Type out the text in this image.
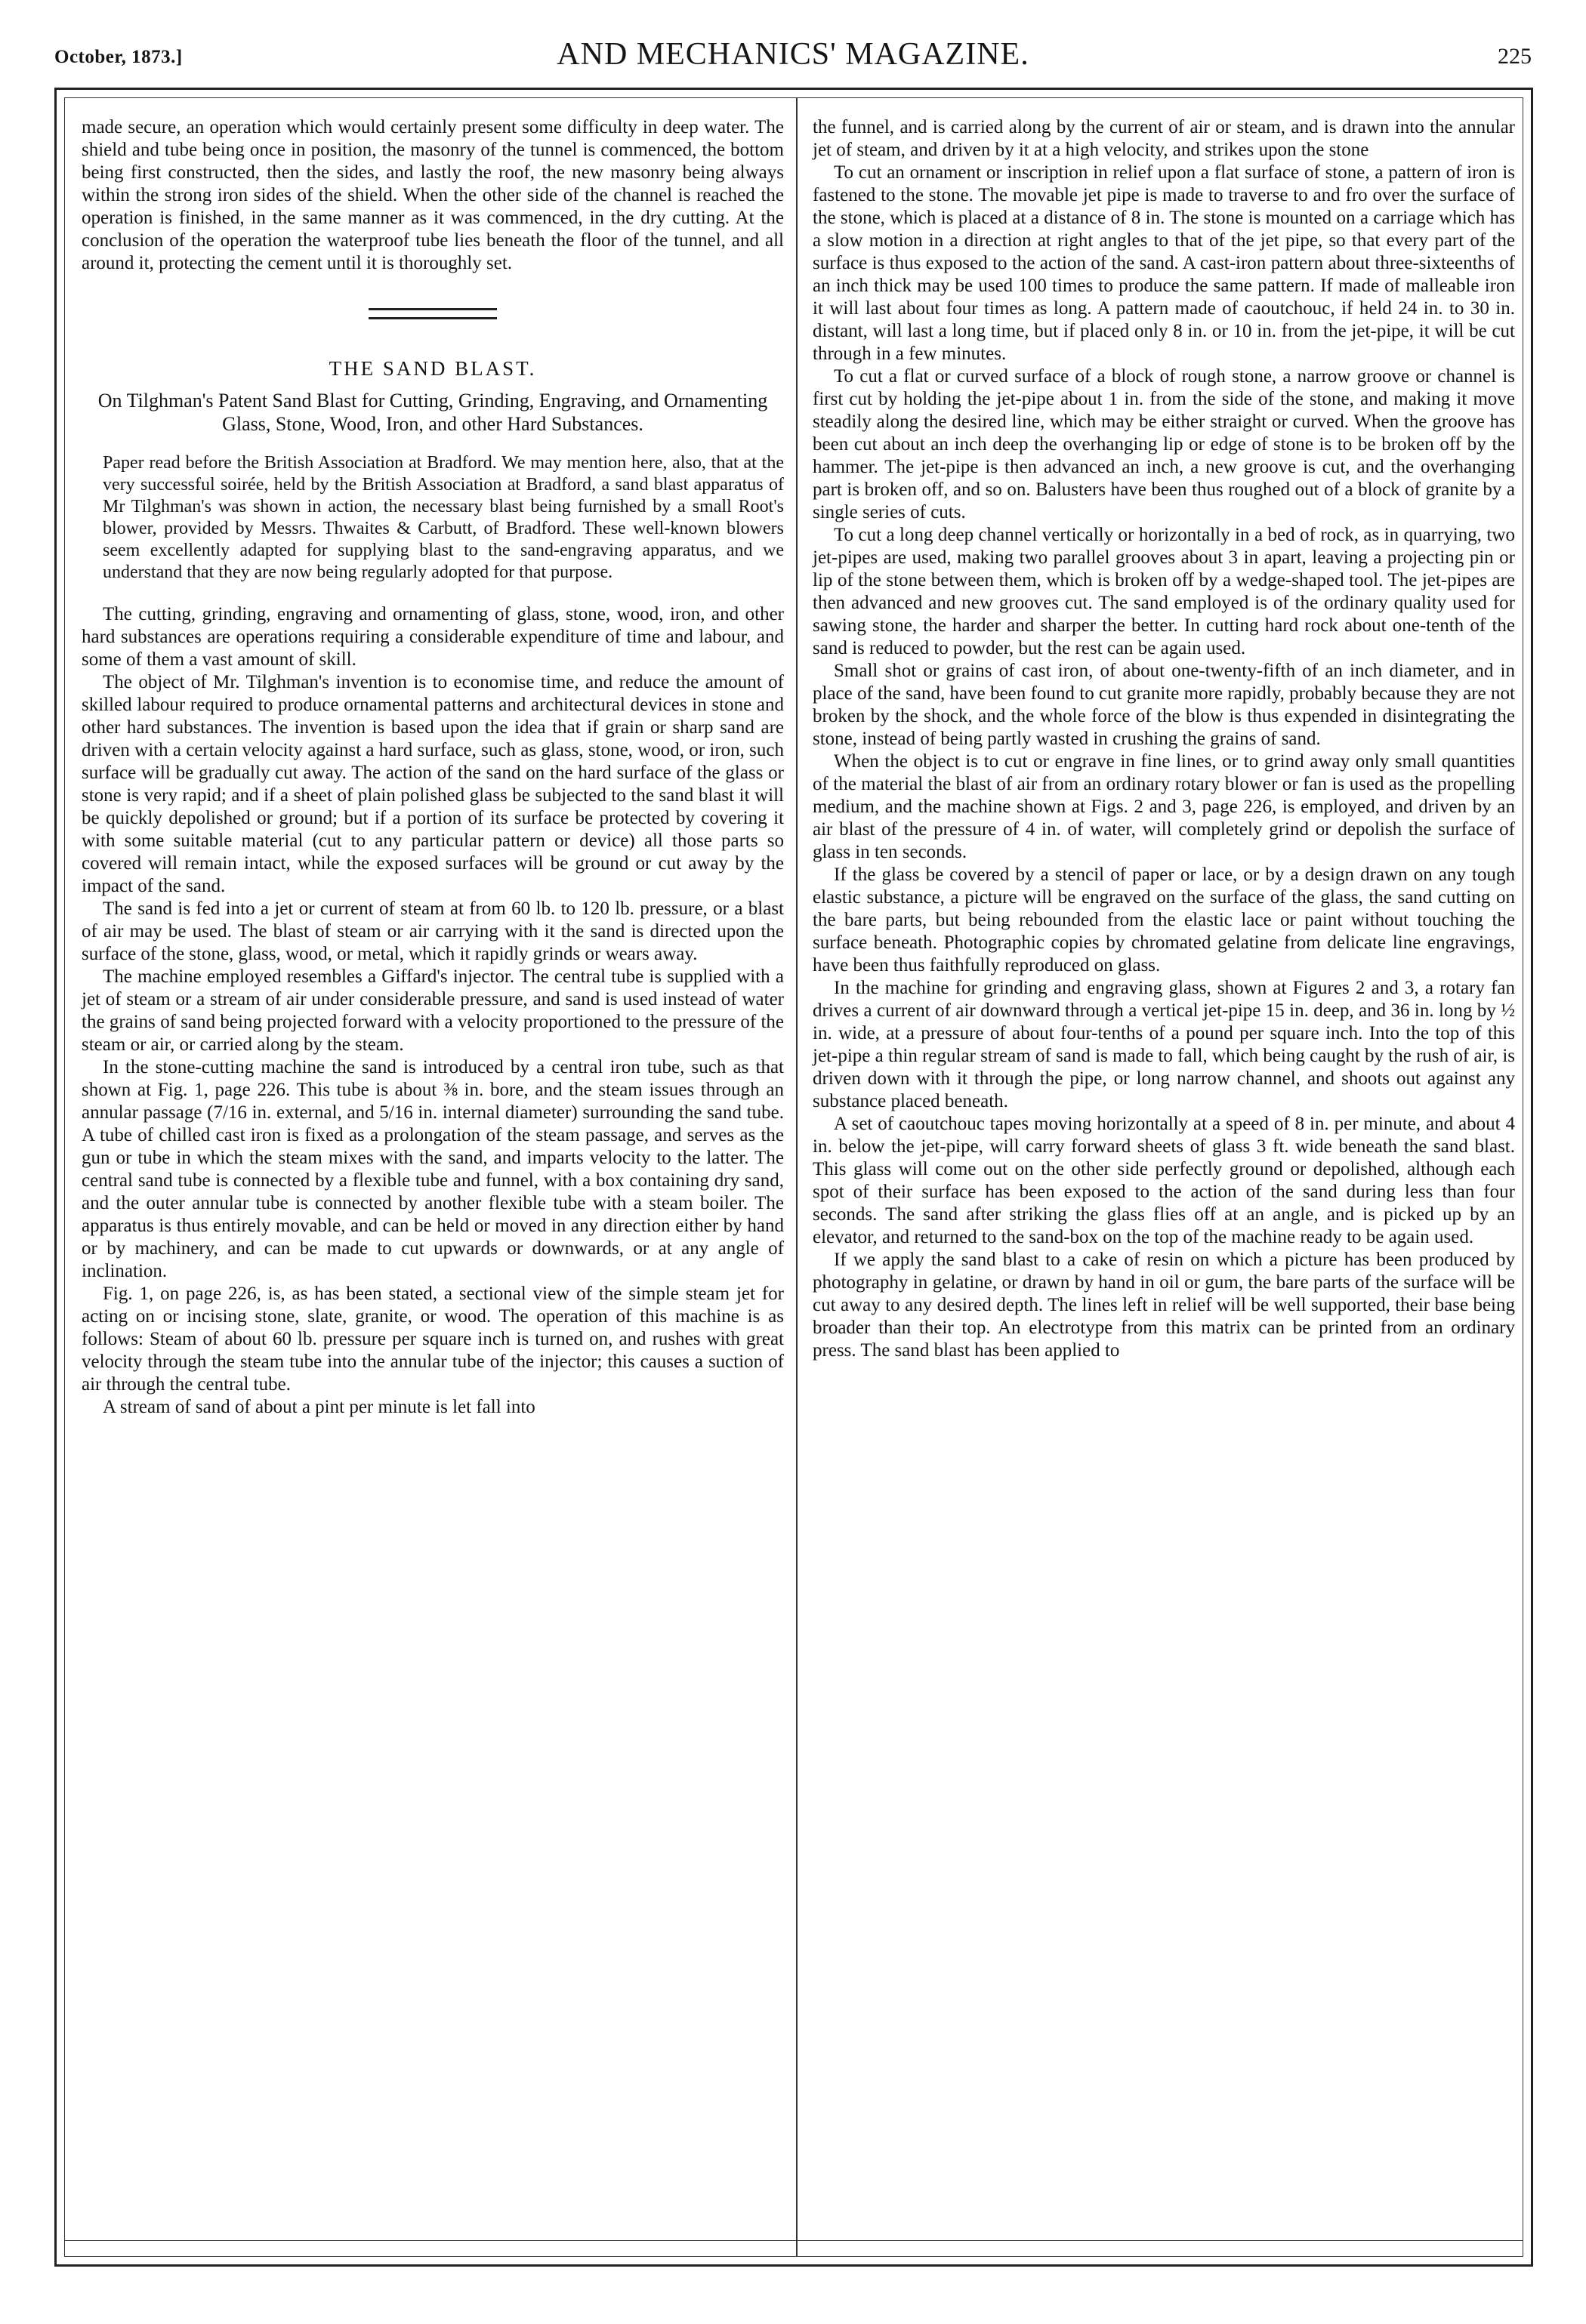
October, 1873.]	AND MECHANICS' MAGAZINE.	225

made secure, an operation which would certainly present some difficulty in deep water. The shield and tube being once in position, the masonry of the tunnel is commenced, the bottom being first constructed, then the sides, and lastly the roof, the new masonry being always within the strong iron sides of the shield. When the other side of the channel is reached the operation is finished, in the same manner as it was commenced, in the dry cutting. At the conclusion of the operation the waterproof tube lies beneath the floor of the tunnel, and all around it, protecting the cement until it is thoroughly set.

THE SAND BLAST.
On Tilghman's Patent Sand Blast for Cutting, Grinding, Engraving, and Ornamenting Glass, Stone, Wood, Iron, and other Hard Substances.

Paper read before the British Association at Bradford. We may mention here, also, that at the very successful soirée, held by the British Association at Bradford, a sand blast apparatus of Mr Tilghman's was shown in action, the necessary blast being furnished by a small Root's blower, provided by Messrs. Thwaites & Carbutt, of Bradford. These well-known blowers seem excellently adapted for supplying blast to the sand-engraving apparatus, and we understand that they are now being regularly adopted for that purpose.

The cutting, grinding, engraving and ornamenting of glass, stone, wood, iron, and other hard substances are operations requiring a considerable expenditure of time and labour, and some of them a vast amount of skill.

The object of Mr. Tilghman's invention is to economise time, and reduce the amount of skilled labour required to produce ornamental patterns and architectural devices in stone and other hard substances. The invention is based upon the idea that if grain or sharp sand are driven with a certain velocity against a hard surface, such as glass, stone, wood, or iron, such surface will be gradually cut away. The action of the sand on the hard surface of the glass or stone is very rapid; and if a sheet of plain polished glass be subjected to the sand blast it will be quickly depolished or ground; but if a portion of its surface be protected by covering it with some suitable material (cut to any particular pattern or device) all those parts so covered will remain intact, while the exposed surfaces will be ground or cut away by the impact of the sand.

The sand is fed into a jet or current of steam at from 60 lb. to 120 lb. pressure, or a blast of air may be used. The blast of steam or air carrying with it the sand is directed upon the surface of the stone, glass, wood, or metal, which it rapidly grinds or wears away.

The machine employed resembles a Giffard's injector. The central tube is supplied with a jet of steam or a stream of air under considerable pressure, and sand is used instead of water the grains of sand being projected forward with a velocity proportioned to the pressure of the steam or air, or carried along by the steam.

In the stone-cutting machine the sand is introduced by a central iron tube, such as that shown at Fig. 1, page 226. This tube is about ⅜ in. bore, and the steam issues through an annular passage (7/16 in. external, and 5/16 in. internal diameter) surrounding the sand tube. A tube of chilled cast iron is fixed as a prolongation of the steam passage, and serves as the gun or tube in which the steam mixes with the sand, and imparts velocity to the latter. The central sand tube is connected by a flexible tube and funnel, with a box containing dry sand, and the outer annular tube is connected by another flexible tube with a steam boiler. The apparatus is thus entirely movable, and can be held or moved in any direction either by hand or by machinery, and can be made to cut upwards or downwards, or at any angle of inclination.

Fig. 1, on page 226, is, as has been stated, a sectional view of the simple steam jet for acting on or incising stone, slate, granite, or wood. The operation of this machine is as follows: Steam of about 60 lb. pressure per square inch is turned on, and rushes with great velocity through the steam tube into the annular tube of the injector; this causes a suction of air through the central tube.

A stream of sand of about a pint per minute is let fall into

the funnel, and is carried along by the current of air or steam, and is drawn into the annular jet of steam, and driven by it at a high velocity, and strikes upon the stone

To cut an ornament or inscription in relief upon a flat surface of stone, a pattern of iron is fastened to the stone. The movable jet pipe is made to traverse to and fro over the surface of the stone, which is placed at a distance of 8 in. The stone is mounted on a carriage which has a slow motion in a direction at right angles to that of the jet pipe, so that every part of the surface is thus exposed to the action of the sand. A cast-iron pattern about three-sixteenths of an inch thick may be used 100 times to produce the same pattern. If made of malleable iron it will last about four times as long. A pattern made of caoutchouc, if held 24 in. to 30 in. distant, will last a long time, but if placed only 8 in. or 10 in. from the jet-pipe, it will be cut through in a few minutes.

To cut a flat or curved surface of a block of rough stone, a narrow groove or channel is first cut by holding the jet-pipe about 1 in. from the side of the stone, and making it move steadily along the desired line, which may be either straight or curved. When the groove has been cut about an inch deep the overhanging lip or edge of stone is to be broken off by the hammer. The jet-pipe is then advanced an inch, a new groove is cut, and the overhanging part is broken off, and so on. Balusters have been thus roughed out of a block of granite by a single series of cuts.

To cut a long deep channel vertically or horizontally in a bed of rock, as in quarrying, two jet-pipes are used, making two parallel grooves about 3 in apart, leaving a projecting pin or lip of the stone between them, which is broken off by a wedge-shaped tool. The jet-pipes are then advanced and new grooves cut. The sand employed is of the ordinary quality used for sawing stone, the harder and sharper the better. In cutting hard rock about one-tenth of the sand is reduced to powder, but the rest can be again used.

Small shot or grains of cast iron, of about one-twenty-fifth of an inch diameter, and in place of the sand, have been found to cut granite more rapidly, probably because they are not broken by the shock, and the whole force of the blow is thus expended in disintegrating the stone, instead of being partly wasted in crushing the grains of sand.

When the object is to cut or engrave in fine lines, or to grind away only small quantities of the material the blast of air from an ordinary rotary blower or fan is used as the propelling medium, and the machine shown at Figs. 2 and 3, page 226, is employed, and driven by an air blast of the pressure of 4 in. of water, will completely grind or depolish the surface of glass in ten seconds.

If the glass be covered by a stencil of paper or lace, or by a design drawn on any tough elastic substance, a picture will be engraved on the surface of the glass, the sand cutting on the bare parts, but being rebounded from the elastic lace or paint without touching the surface beneath. Photographic copies by chromated gelatine from delicate line engravings, have been thus faithfully reproduced on glass.

In the machine for grinding and engraving glass, shown at Figures 2 and 3, a rotary fan drives a current of air downward through a vertical jet-pipe 15 in. deep, and 36 in. long by ½ in. wide, at a pressure of about four-tenths of a pound per square inch. Into the top of this jet-pipe a thin regular stream of sand is made to fall, which being caught by the rush of air, is driven down with it through the pipe, or long narrow channel, and shoots out against any substance placed beneath.

A set of caoutchouc tapes moving horizontally at a speed of 8 in. per minute, and about 4 in. below the jet-pipe, will carry forward sheets of glass 3 ft. wide beneath the sand blast. This glass will come out on the other side perfectly ground or depolished, although each spot of their surface has been exposed to the action of the sand during less than four seconds. The sand after striking the glass flies off at an angle, and is picked up by an elevator, and returned to the sand-box on the top of the machine ready to be again used.

If we apply the sand blast to a cake of resin on which a picture has been produced by photography in gelatine, or drawn by hand in oil or gum, the bare parts of the surface will be cut away to any desired depth. The lines left in relief will be well supported, their base being broader than their top. An electrotype from this matrix can be printed from an ordinary press. The sand blast has been applied to
